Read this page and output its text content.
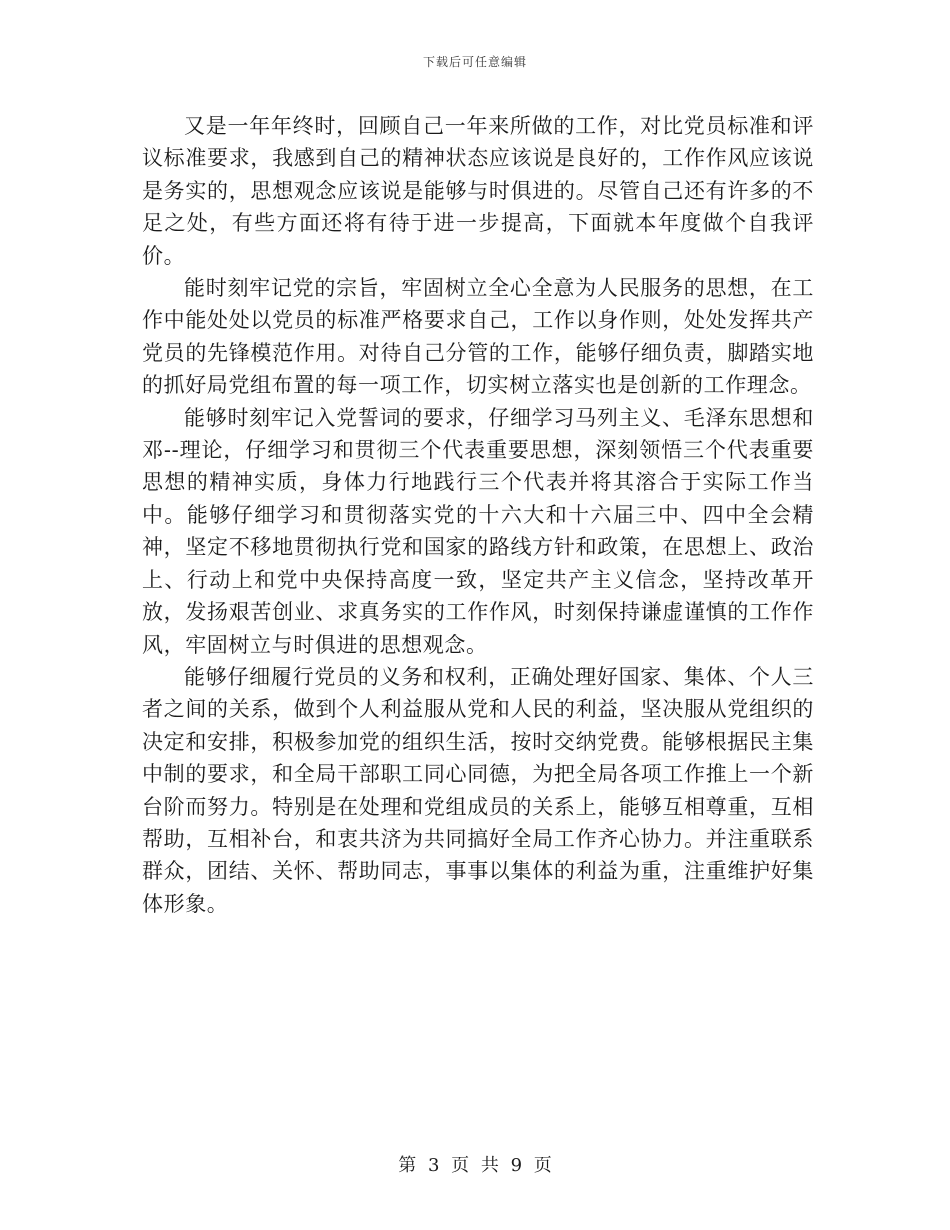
下载后可任意编辑

又是一年年终时，回顾自己一年来所做的工作，对比党员标准和评议标准要求，我感到自己的精神状态应该说是良好的，工作作风应该说是务实的，思想观念应该说是能够与时俱进的。尽管自己还有许多的不足之处，有些方面还将有待于进一步提高，下面就本年度做个自我评价。

能时刻牢记党的宗旨，牢固树立全心全意为人民服务的思想，在工作中能处处以党员的标准严格要求自己，工作以身作则，处处发挥共产党员的先锋模范作用。对待自己分管的工作，能够仔细负责，脚踏实地的抓好局党组布置的每一项工作，切实树立落实也是创新的工作理念。

能够时刻牢记入党誓词的要求，仔细学习马列主义、毛泽东思想和邓--理论，仔细学习和贯彻三个代表重要思想，深刻领悟三个代表重要思想的精神实质，身体力行地践行三个代表并将其溶合于实际工作当中。能够仔细学习和贯彻落实党的十六大和十六届三中、四中全会精神，坚定不移地贯彻执行党和国家的路线方针和政策，在思想上、政治上、行动上和党中央保持高度一致，坚定共产主义信念，坚持改革开放，发扬艰苦创业、求真务实的工作作风，时刻保持谦虚谨慎的工作作风，牢固树立与时俱进的思想观念。

能够仔细履行党员的义务和权利，正确处理好国家、集体、个人三者之间的关系，做到个人利益服从党和人民的利益，坚决服从党组织的决定和安排，积极参加党的组织生活，按时交纳党费。能够根据民主集中制的要求，和全局干部职工同心同德，为把全局各项工作推上一个新台阶而努力。特别是在处理和党组成员的关系上，能够互相尊重，互相帮助，互相补台，和衷共济为共同搞好全局工作齐心协力。并注重联系群众，团结、关怀、帮助同志，事事以集体的利益为重，注重维护好集体形象。

第 3 页 共 9 页
